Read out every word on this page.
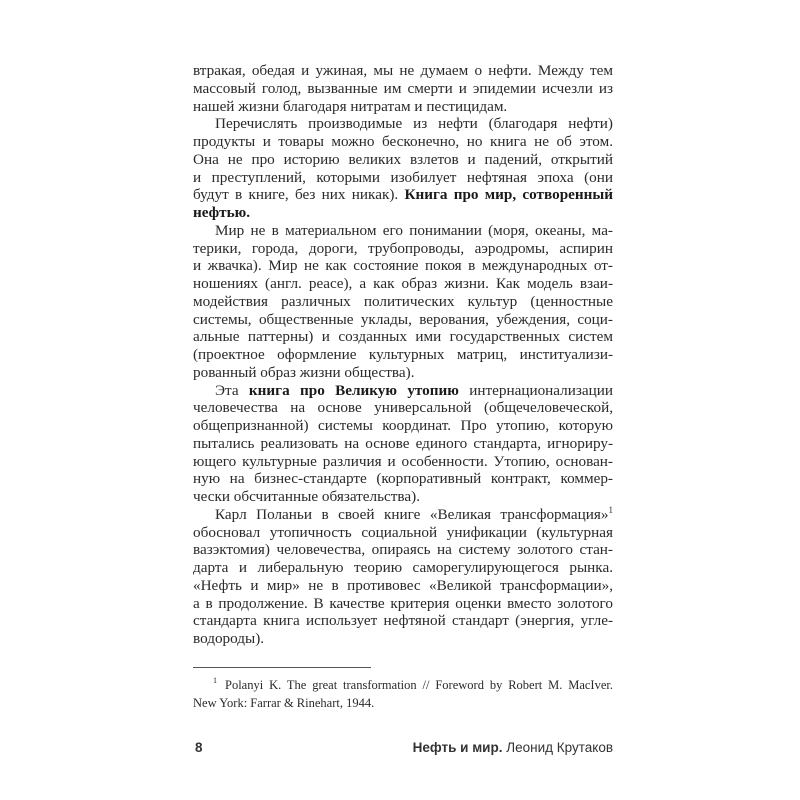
втракая, обедая и ужиная, мы не думаем о нефти. Между тем
массовый голод, вызванные им смерти и эпидемии исчезли из
нашей жизни благодаря нитратам и пестицидам.
Перечислять производимые из нефти (благодаря нефти)
продукты и товары можно бесконечно, но книга не об этом.
Она не про историю великих взлетов и падений, открытий
и преступлений, которыми изобилует нефтяная эпоха (они
будут в книге, без них никак). Книга про мир, сотворенный
нефтью.
Мир не в материальном его понимании (моря, океаны, ма-
терики, города, дороги, трубопроводы, аэродромы, аспирин
и жвачка). Мир не как состояние покоя в международных от-
ношениях (англ. peace), а как образ жизни. Как модель взаи-
модействия различных политических культур (ценностные
системы, общественные уклады, верования, убеждения, соци-
альные паттерны) и созданных ими государственных систем
(проектное оформление культурных матриц, институализи-
рованный образ жизни общества).
Эта книга про Великую утопию интернационализации
человечества на основе универсальной (общечеловеческой,
общепризнанной) системы координат. Про утопию, которую
пытались реализовать на основе единого стандарта, игнориру-
ющего культурные различия и особенности. Утопию, основан-
ную на бизнес-стандарте (корпоративный контракт, коммер-
чески обсчитанные обязательства).
Карл Поланьи в своей книге «Великая трансформация»$^1$
обосновал утопичность социальной унификации (культурная
вазэктомия) человечества, опираясь на систему золотого стан-
дарта и либеральную теорию саморегулирующегося рынка.
«Нефть и мир» не в противовес «Великой трансформации»,
а в продолжение. В качестве критерия оценки вместо золотого
стандарта книга использует нефтяной стандарт (энергия, угле-
водороды).
$^1$ Polanyi K. The great transformation // Foreword by Robert M. MacIver.
New York: Farrar & Rinehart, 1944.
8	Нефть и мир. Леонид Крутаков
